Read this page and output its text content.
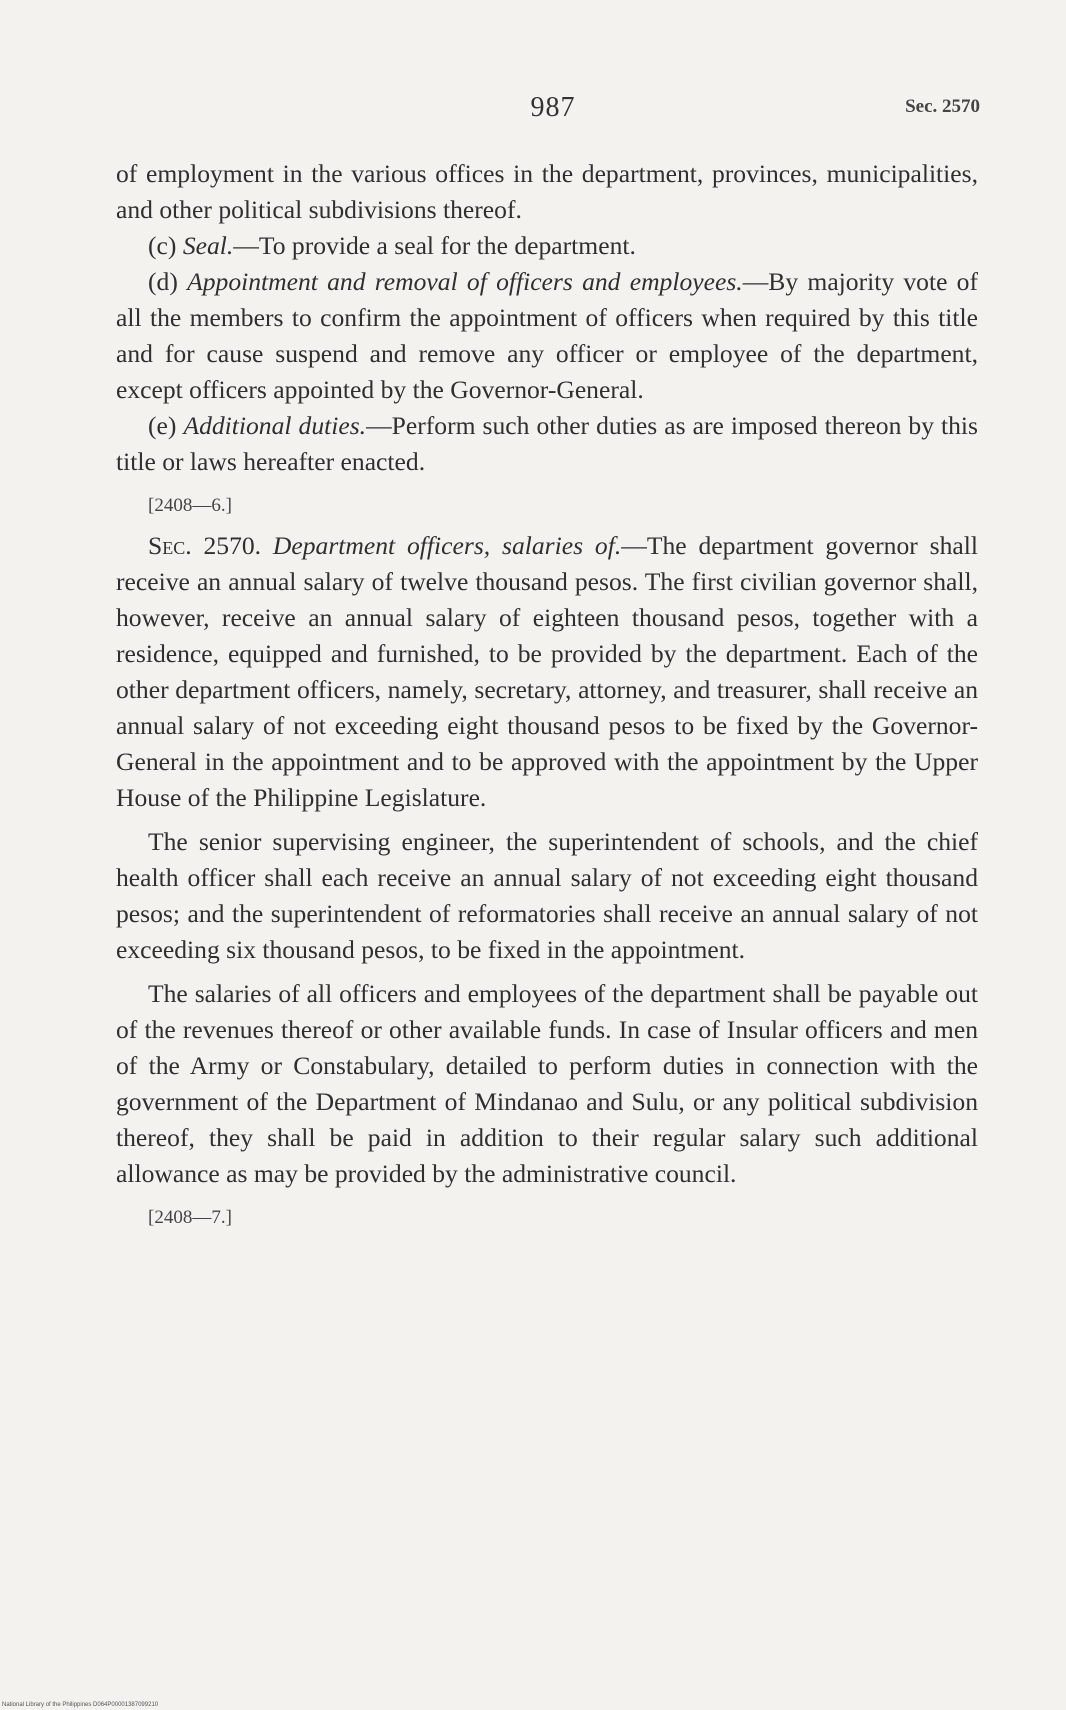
987	Sec. 2570

of employment in the various offices in the department, provinces, municipalities, and other political subdivisions thereof.

(c) Seal.—To provide a seal for the department.

(d) Appointment and removal of officers and employees.—By majority vote of all the members to confirm the appointment of officers when required by this title and for cause suspend and remove any officer or employee of the department, except officers appointed by the Governor-General.

(e) Additional duties.—Perform such other duties as are imposed thereon by this title or laws hereafter enacted.

[2408—6.]

Sec. 2570. Department officers, salaries of.—The department governor shall receive an annual salary of twelve thousand pesos. The first civilian governor shall, however, receive an annual salary of eighteen thousand pesos, together with a residence, equipped and furnished, to be provided by the department. Each of the other department officers, namely, secretary, attorney, and treasurer, shall receive an annual salary of not exceeding eight thousand pesos to be fixed by the Governor-General in the appointment and to be approved with the appointment by the Upper House of the Philippine Legislature.

The senior supervising engineer, the superintendent of schools, and the chief health officer shall each receive an annual salary of not exceeding eight thousand pesos; and the superintendent of reformatories shall receive an annual salary of not exceeding six thousand pesos, to be fixed in the appointment.

The salaries of all officers and employees of the department shall be payable out of the revenues thereof or other available funds. In case of Insular officers and men of the Army or Constabulary, detailed to perform duties in connection with the government of the Department of Mindanao and Sulu, or any political subdivision thereof, they shall be paid in addition to their regular salary such additional allowance as may be provided by the administrative council.

[2408—7.]

National Library of the Philippines D064P00001387099210
